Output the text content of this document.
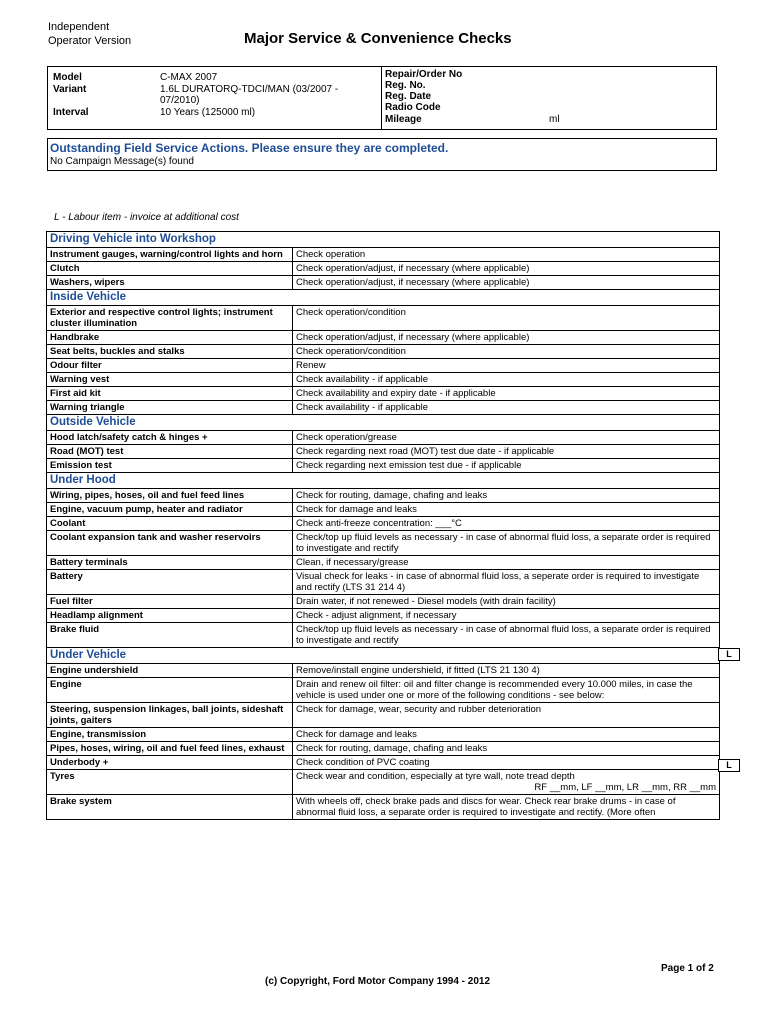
Independent
Operator Version	Major Service & Convenience Checks
Model	C-MAX 2007
Variant	1.6L DURATORQ-TDCI/MAN (03/2007 -
07/2010)
Interval	10 Years (125000 ml)
Repair/Order No
Reg. No.
Reg. Date
Radio Code
Mileage	ml
Outstanding Field Service Actions. Please ensure they are completed.
No Campaign Message(s) found
L - Labour item - invoice at additional cost
Driving Vehicle into Workshop	
Instrument gauges, warning/control lights and horn	Check operation
Clutch	Check operation/adjust, if necessary (where applicable)
Washers, wipers	Check operation/adjust, if necessary (where applicable)
Inside Vehicle	
Exterior and respective control lights; instrument cluster illumination	Check operation/condition
Handbrake	Check operation/adjust, if necessary (where applicable)
Seat belts, buckles and stalks	Check operation/condition
Odour filter	Renew
Warning vest	Check availability - if applicable
First aid kit	Check availability and expiry date - if applicable
Warning triangle	Check availability - if applicable
Outside Vehicle	
Hood latch/safety catch & hinges +	Check operation/grease
Road (MOT) test	Check regarding next road (MOT) test due date - if applicable
Emission test	Check regarding next emission test due - if applicable
Under Hood	
Wiring, pipes, hoses, oil and fuel feed lines	Check for routing, damage, chafing and leaks
Engine, vacuum pump, heater and radiator	Check for damage and leaks
Coolant	Check anti-freeze concentration: ___°C
Coolant expansion tank and washer reservoirs	Check/top up fluid levels as necessary - in case of abnormal fluid loss, a separate order is required to investigate and rectify
Battery terminals	Clean, if necessary/grease
Battery	Visual check for leaks - in case of abnormal fluid loss, a seperate order is required to investigate and rectify (LTS 31 214 4)
Fuel filter	Drain water, if not renewed - Diesel models (with drain facility)
Headlamp alignment	Check - adjust alignment, if necessary
Brake fluid	Check/top up fluid levels as necessary - in case of abnormal fluid loss, a separate order is required to investigate and rectify
Under Vehicle	
Engine undershield	Remove/install engine undershield, if fitted (LTS 21 130 4)
Engine	Drain and renew oil filter: oil and filter change is recommended every 10.000 miles, in case the vehicle is used under one or more of the following conditions - see below:
Steering, suspension linkages, ball joints, sideshaft joints, gaiters	Check for damage, wear, security and rubber deterioration
Engine, transmission	Check for damage and leaks
Pipes, hoses, wiring, oil and fuel feed lines, exhaust	Check for routing, damage, chafing and leaks
Underbody +	Check condition of PVC coating
Tyres	Check wear and condition, especially at tyre wall, note tread depth
RF __mm, LF __mm, LR __mm, RR __mm

Brake system	With wheels off, check brake pads and discs for wear. Check rear brake drums - in case of abnormal fluid loss, a separate order is required to investigate and rectify. (More often
L
L
Page 1 of 2
(c) Copyright, Ford Motor Company 1994 - 2012
